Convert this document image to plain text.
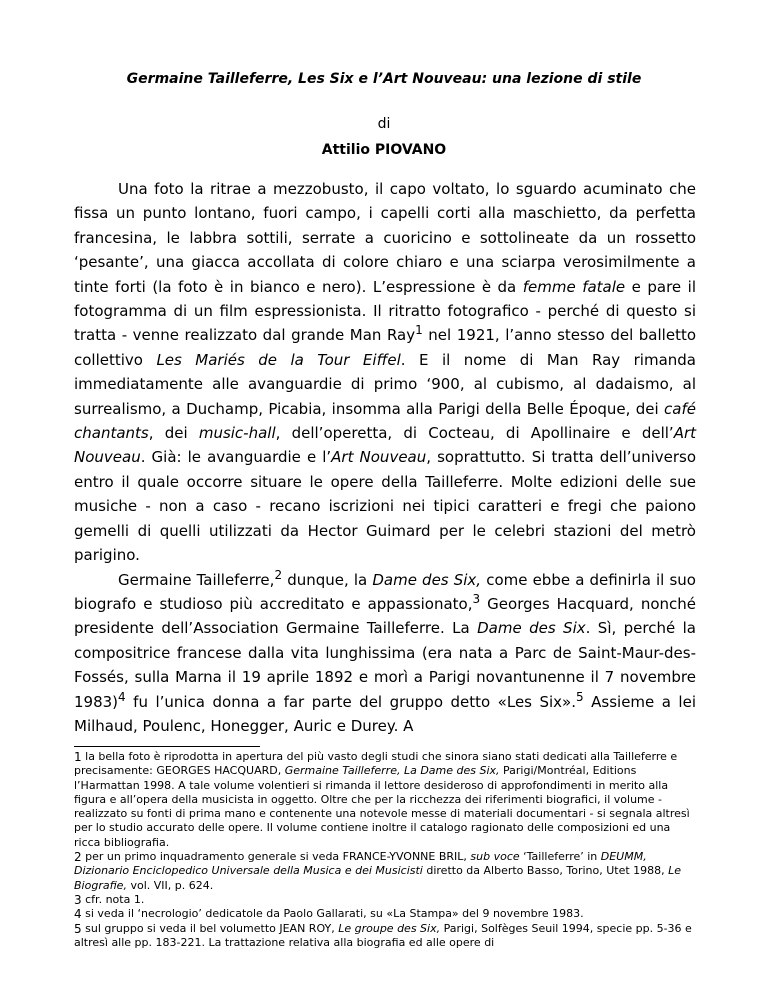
Germaine Tailleferre, Les Six e l’Art Nouveau: una lezione di stile
di
Attilio PIOVANO

Una foto la ritrae a mezzobusto, il capo voltato, lo sguardo acuminato che fissa un punto lontano, fuori campo, i capelli corti alla maschietto, da perfetta francesina, le labbra sottili, serrate a cuoricino e sottolineate da un rossetto ‘pesante’, una giacca accollata di colore chiaro e una sciarpa verosimilmente a tinte forti (la foto è in bianco e nero). L’espressione è da femme fatale e pare il fotogramma di un film espressionista. Il ritratto fotografico - perché di questo si tratta - venne realizzato dal grande Man Ray$^1$ nel 1921, l’anno stesso del balletto collettivo Les Mariés de la Tour Eiffel. E il nome di Man Ray rimanda immediatamente alle avanguardie di primo ‘900, al cubismo, al dadaismo, al surrealismo, a Duchamp, Picabia, insomma alla Parigi della Belle Époque, dei café chantants, dei music-hall, dell’operetta, di Cocteau, di Apollinaire e dell’Art Nouveau. Già: le avanguardie e l’Art Nouveau, soprattutto. Si tratta dell’universo entro il quale occorre situare le opere della Tailleferre. Molte edizioni delle sue musiche - non a caso - recano iscrizioni nei tipici caratteri e fregi che paiono gemelli di quelli utilizzati da Hector Guimard per le celebri stazioni del metrò parigino.

Germaine Tailleferre,$^2$ dunque, la Dame des Six, come ebbe a definirla il suo biografo e studioso più accreditato e appassionato,$^3$ Georges Hacquard, nonché presidente dell’Association Germaine Tailleferre. La Dame des Six. Sì, perché la compositrice francese dalla vita lunghissima (era nata a Parc de Saint-Maur-des-Fossés, sulla Marna il 19 aprile 1892 e morì a Parigi novantunenne il 7 novembre 1983)$^4$ fu l’unica donna a far parte del gruppo detto «Les Six».$^5$ Assieme a lei Milhaud, Poulenc, Honegger, Auric e Durey. A

$^1$ la bella foto è riprodotta in apertura del più vasto degli studi che sinora siano stati dedicati alla Tailleferre e precisamente: GEORGES HACQUARD, Germaine Tailleferre, La Dame des Six, Parigi/Montréal, Editions l’Harmattan 1998. A tale volume volentieri si rimanda il lettore desideroso di approfondimenti in merito alla figura e all’opera della musicista in oggetto. Oltre che per la ricchezza dei riferimenti biografici, il volume - realizzato su fonti di prima mano e contenente una notevole messe di materiali documentari - si segnala altresì per lo studio accurato delle opere. Il volume contiene inoltre il catalogo ragionato delle composizioni ed una ricca bibliografia.

$^2$ per un primo inquadramento generale si veda FRANCE-YVONNE BRIL, sub voce ‘Tailleferre’ in DEUMM, Dizionario Enciclopedico Universale della Musica e dei Musicisti diretto da Alberto Basso, Torino, Utet 1988, Le Biografie, vol. VII, p. 624.

$^3$ cfr. nota 1.

$^4$ si veda il ‘necrologio’ dedicatole da Paolo Gallarati, su «La Stampa» del 9 novembre 1983.

$^5$ sul gruppo si veda il bel volumetto JEAN ROY, Le groupe des Six, Parigi, Solfèges Seuil 1994, specie pp. 5-36 e altresì alle pp. 183-221. La trattazione relativa alla biografia ed alle opere di
